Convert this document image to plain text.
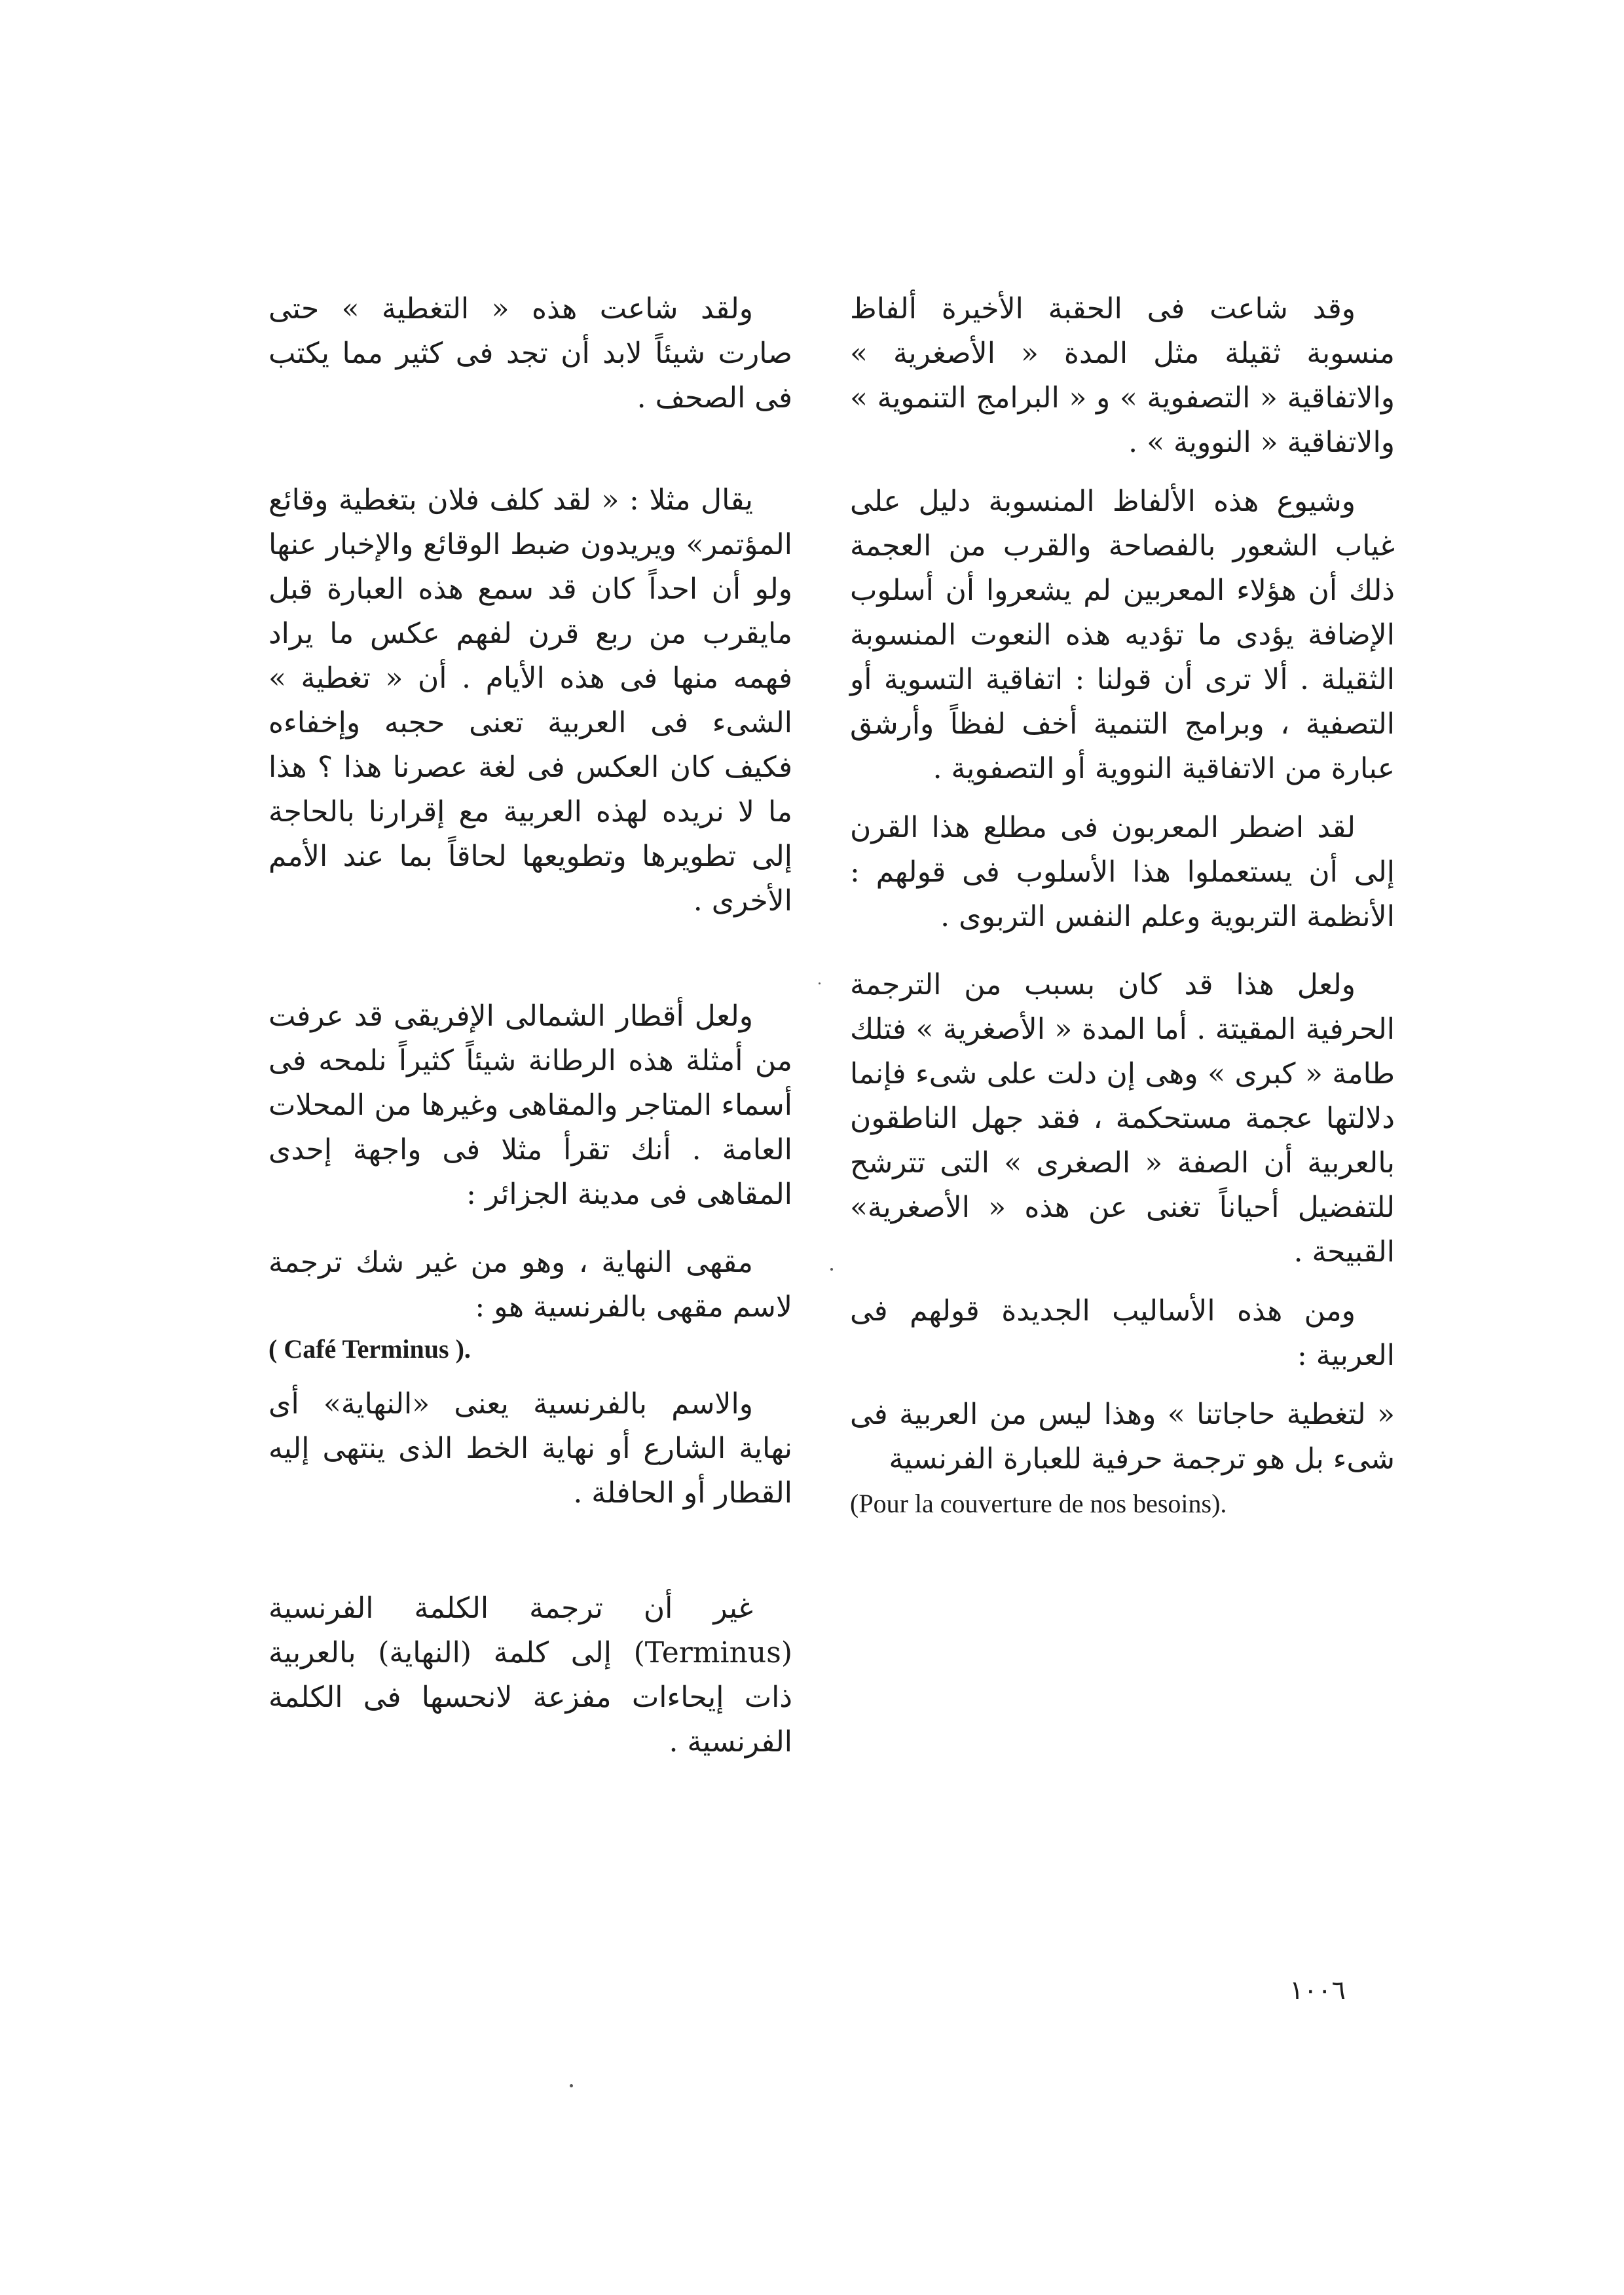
وقد شاعت فى الحقبة الأخيرة ألفاظ منسوبة ثقيلة مثل المدة « الأصغرية » والاتفاقية « التصفوية » و « البرامج التنموية » والاتفاقية « النووية » .

وشيوع هذه الألفاظ المنسوبة دليل على غياب الشعور بالفصاحة والقرب من العجمة ذلك أن هؤلاء المعربين لم يشعروا أن أسلوب الإضافة يؤدى ما تؤديه هذه النعوت المنسوبة الثقيلة . ألا ترى أن قولنا : اتفاقية التسوية أو التصفية ، وبرامج التنمية أخف لفظاً وأرشق عبارة من الاتفاقية النووية أو التصفوية .

لقد اضطر المعربون فى مطلع هذا القرن إلى أن يستعملوا هذا الأسلوب فى قولهم : الأنظمة التربوية وعلم النفس التربوى .

ولعل هذا قد كان بسبب من الترجمة الحرفية المقيتة . أما المدة « الأصغرية » فتلك طامة « كبرى » وهى إن دلت على شىء فإنما دلالتها عجمة مستحكمة ، فقد جهل الناطقون بالعربية أن الصفة « الصغرى » التى تترشح للتفضيل أحياناً تغنى عن هذه « الأصغرية» القبيحة .

ومن هذه الأساليب الجديدة قولهم فى العربية :

« لتغطية حاجاتنا » وهذا ليس من العربية فى شىء بل هو ترجمة حرفية للعبارة الفرنسية

(Pour la couverture de nos besoins).

ولقد شاعت هذه « التغطية » حتى صارت شيئاً لابد أن تجد فى كثير مما يكتب فى الصحف .

يقال مثلا : « لقد كلف فلان بتغطية وقائع المؤتمر» ويريدون ضبط الوقائع والإخبار عنها ولو أن احداً كان قد سمع هذه العبارة قبل مايقرب من ربع قرن لفهم عكس ما يراد فهمه منها فى هذه الأيام . أن « تغطية » الشىء فى العربية تعنى حجبه وإخفاءه فكيف كان العكس فى لغة عصرنا هذا ؟ هذا ما لا نريده لهذه العربية مع إقرارنا بالحاجة إلى تطويرها وتطويعها لحاقاً بما عند الأمم الأخرى .

ولعل أقطار الشمالى الإفريقى قد عرفت من أمثلة هذه الرطانة شيئاً كثيراً نلمحه فى أسماء المتاجر والمقاهى وغيرها من المحلات العامة . أنك تقرأ مثلا فى واجهة إحدى المقاهى فى مدينة الجزائر :

مقهى النهاية ، وهو من غير شك ترجمة لاسم مقهى بالفرنسية هو :

( Café Terminus ).

والاسم بالفرنسية يعنى «النهاية» أى نهاية الشارع أو نهاية الخط الذى ينتهى إليه القطار أو الحافلة .

غير أن ترجمة الكلمة الفرنسية (Terminus) إلى كلمة (النهاية) بالعربية ذات إيحاءات مفزعة لانحسها فى الكلمة الفرنسية .

١٠٠٦
